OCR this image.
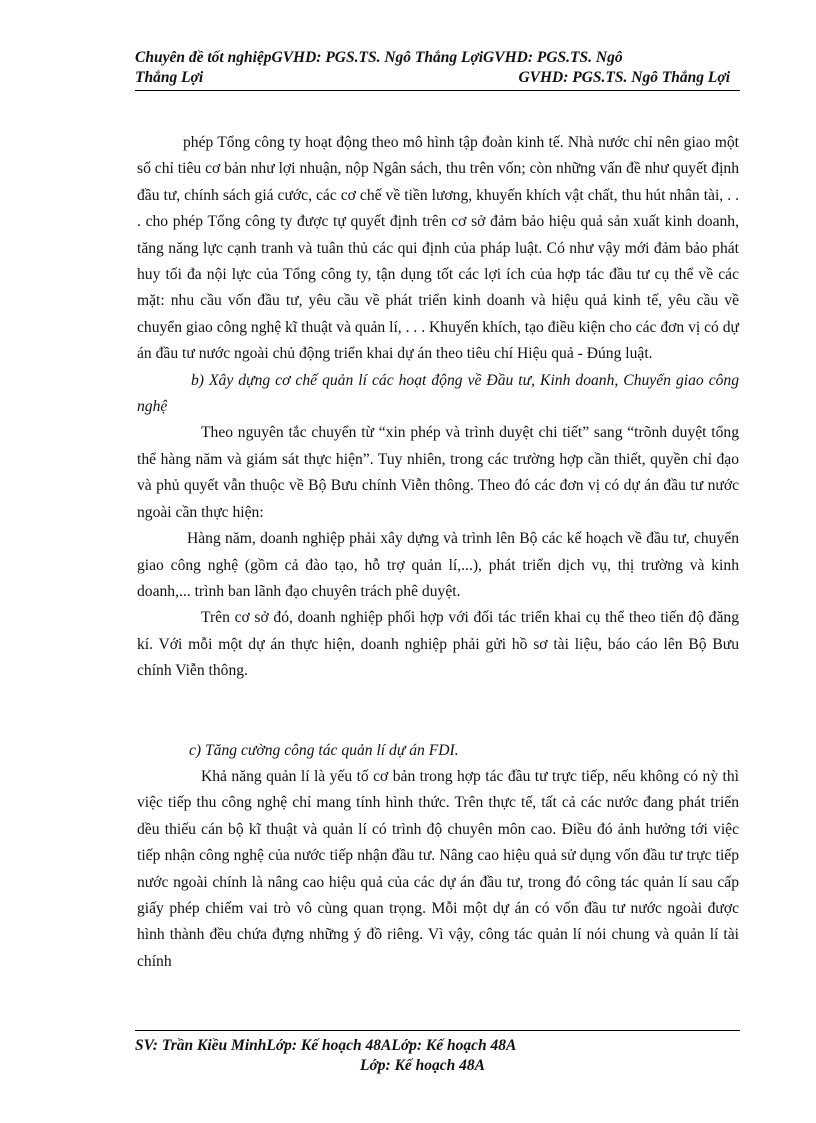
Chuyên đề tốt nghiệpGVHD: PGS.TS. Ngô Thắng LợiGVHD: PGS.TS. Ngô
Thắng Lợi	GVHD: PGS.TS. Ngô Thắng Lợi

phép Tổng công ty hoạt động theo mô hình tập đoàn kinh tế. Nhà nước chỉ nên giao một số chỉ tiêu cơ bản như lợi nhuận, nộp Ngân sách, thu trên vốn; còn những vấn đề như quyết định đầu tư, chính sách giá cước, các cơ chế về tiền lương, khuyến khích vật chất, thu hút nhân tài, . . . cho phép Tổng công ty được tự quyết định trên cơ sở đảm bảo hiệu quả sản xuất kinh doanh, tăng năng lực cạnh tranh và tuân thủ các qui định của pháp luật. Có như vậy mới đảm bảo phát huy tối đa nội lực của Tổng công ty, tận dụng tốt các lợi ích của hợp tác đầu tư cụ thể về các mặt: nhu cầu vốn đầu tư, yêu cầu về phát triển kinh doanh và hiệu quả kinh tế, yêu cầu về chuyển giao công nghệ kĩ thuật và quản lí, . . . Khuyến khích, tạo điều kiện cho các đơn vị có dự án đầu tư nước ngoài chủ động triển khai dự án theo tiêu chí Hiệu quả - Đúng luật.

b) Xây dựng cơ chế quản lí các hoạt động về Đầu tư, Kinh doanh, Chuyển giao công nghệ

Theo nguyên tắc chuyển từ “xin phép và trình duyệt chi tiết” sang “trõnh duyệt tổng thể hàng năm và giám sát thực hiện”. Tuy nhiên, trong các trường hợp cần thiết, quyền chỉ đạo và phủ quyết vẫn thuộc về Bộ Bưu chính Viễn thông. Theo đó các đơn vị có dự án đầu tư nước ngoài cần thực hiện:

Hàng năm, doanh nghiệp phải xây dựng và trình lên Bộ các kế hoạch về đầu tư, chuyển giao công nghệ (gồm cả đào tạo, hỗ trợ quản lí,...), phát triển dịch vụ, thị trường và kinh doanh,... trình ban lãnh đạo chuyên trách phê duyệt.

Trên cơ sở đó, doanh nghiệp phối hợp với đối tác triển khai cụ thể theo tiến độ đăng kí. Với mỗi một dự án thực hiện, doanh nghiệp phải gửi hồ sơ tài liệu, báo cáo lên Bộ Bưu chính Viễn thông.

c) Tăng cường công tác quản lí dự án FDI.

Khả năng quản lí là yếu tố cơ bản trong hợp tác đầu tư trực tiếp, nếu không có nỳ thì việc tiếp thu công nghệ chỉ mang tính hình thức. Trên thực tế, tất cả các nước đang phát triển dều thiếu cán bộ kĩ thuật và quản lí có trình độ chuyên môn cao. Điều đó ảnh hưởng tới việc tiếp nhận công nghệ của nước tiếp nhận đầu tư. Nâng cao hiệu quả sử dụng vốn đầu tư trực tiếp nước ngoài chính là nâng cao hiệu quả của các dự án đầu tư, trong đó công tác quản lí sau cấp giấy phép chiếm vai trò vô cùng quan trọng. Mỗi một dự án có vốn đầu tư nước ngoài được hình thành đều chứa đựng những ý đồ riêng. Vì vậy, công tác quản lí nói chung và quản lí tài chính

SV: Trần Kiều MinhLớp: Kế hoạch 48ALớp: Kế hoạch 48A
Lớp: Kế hoạch 48A
